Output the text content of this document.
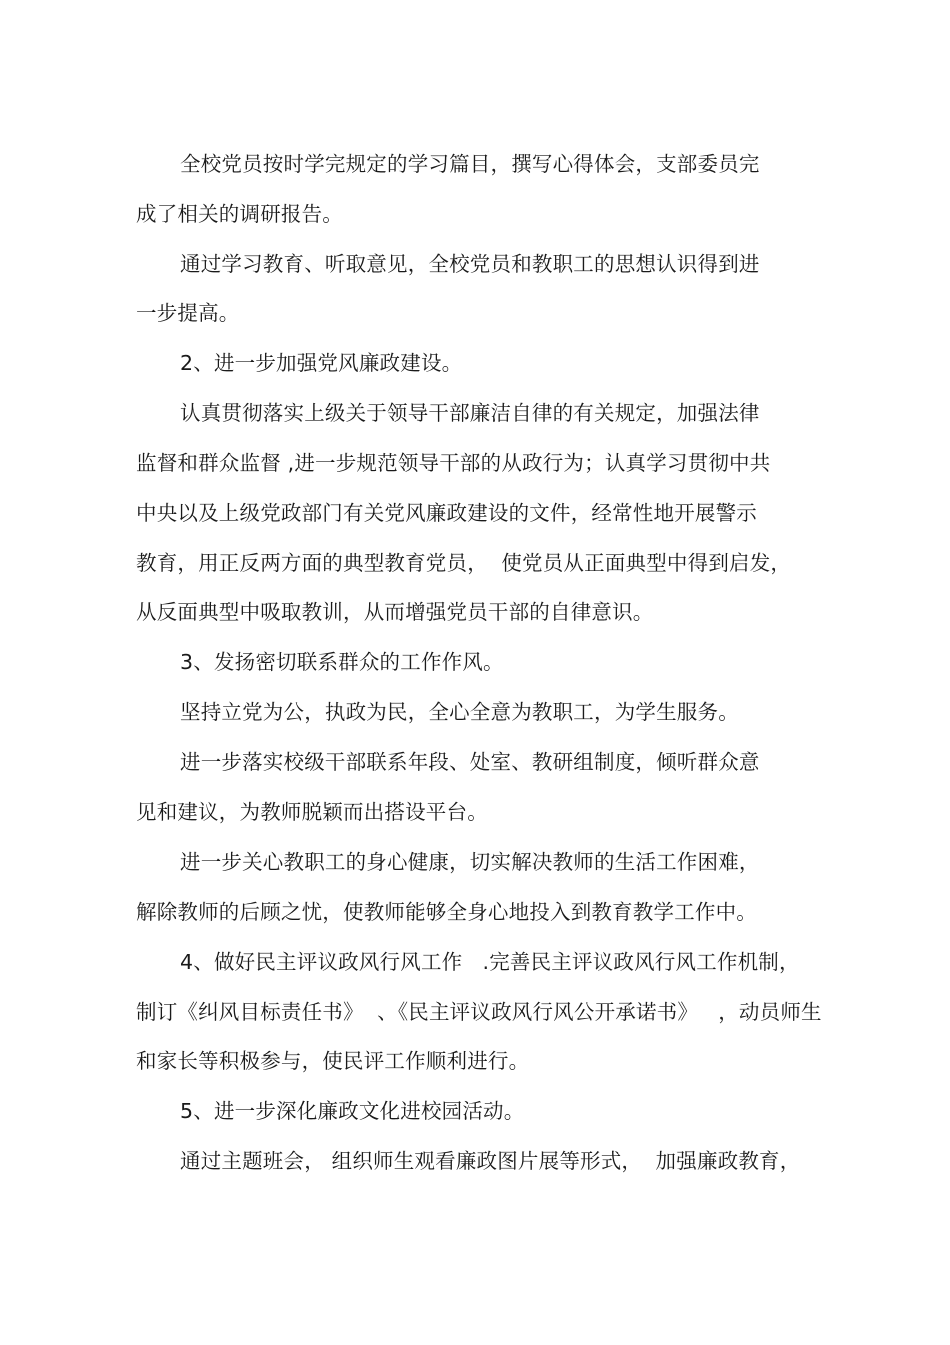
全校党员按时学完规定的学习篇目，撰写心得体会，支部委员完
成了相关的调研报告。
通过学习教育、听取意见，全校党员和教职工的思想认识得到进
一步提高。
2、进一步加强党风廉政建设。
认真贯彻落实上级关于领导干部廉洁自律的有关规定，加强法律
监督和群众监督 ,进一步规范领导干部的从政行为；认真学习贯彻中共
中央以及上级党政部门有关党风廉政建设的文件，经常性地开展警示
教育，用正反两方面的典型教育党员，  使党员从正面典型中得到启发，
从反面典型中吸取教训，从而增强党员干部的自律意识。
3、发扬密切联系群众的工作作风。
坚持立党为公，执政为民，全心全意为教职工，为学生服务。
进一步落实校级干部联系年段、处室、教研组制度，倾听群众意
见和建议，为教师脱颖而出搭设平台。
进一步关心教职工的身心健康，切实解决教师的生活工作困难，
解除教师的后顾之忧，使教师能够全身心地投入到教育教学工作中。
4、做好民主评议政风行风工作   .完善民主评议政风行风工作机制，
制订《纠风目标责任书》  、《民主评议政风行风公开承诺书》   ，动员师生
和家长等积极参与，使民评工作顺利进行。
5、进一步深化廉政文化进校园活动。
通过主题班会， 组织师生观看廉政图片展等形式，  加强廉政教育，
